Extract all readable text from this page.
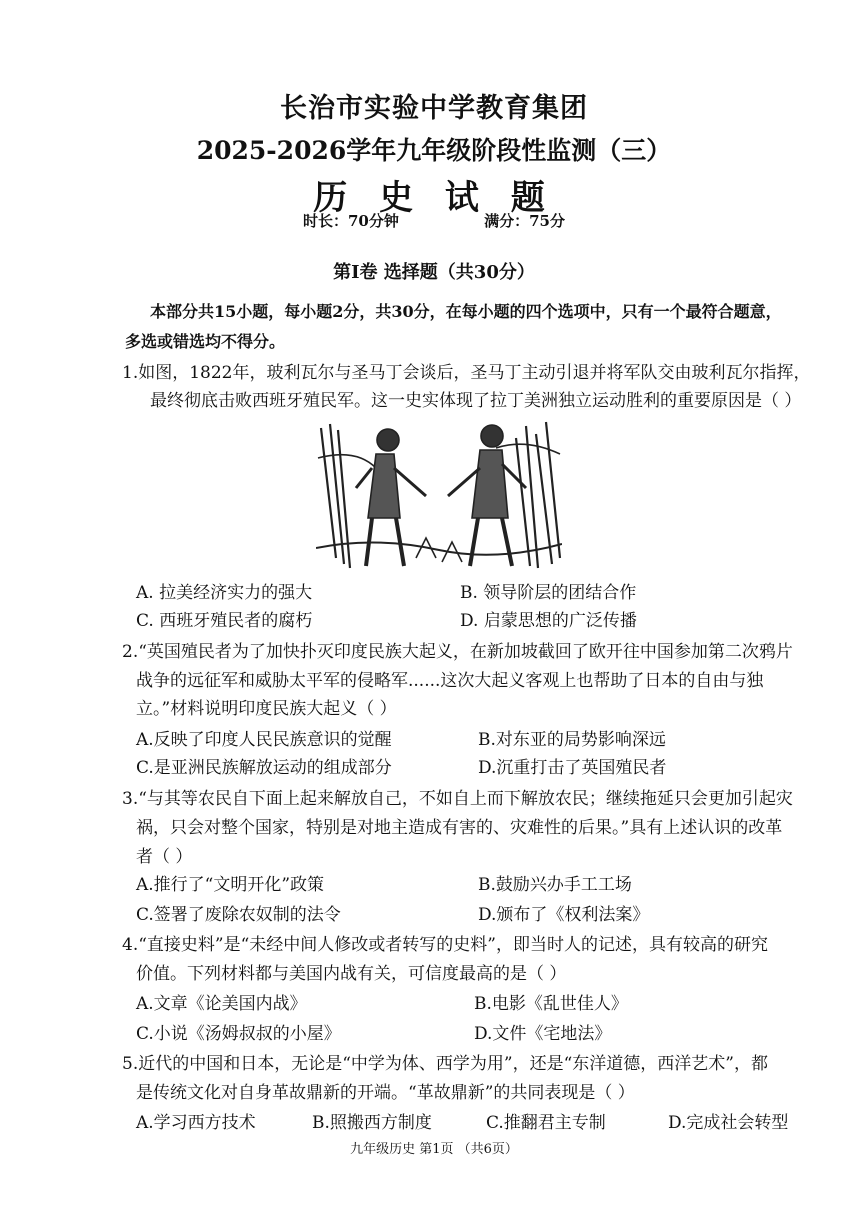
长治市实验中学教育集团
2025-2026学年九年级阶段性监测（三）
历 史 试 题
时长：70分钟	满分：75分
第Ⅰ卷 选择题（共30分）
本部分共15小题，每小题2分，共30分，在每小题的四个选项中，只有一个最符合题意，
多选或错选均不得分。
1.如图，1822年，玻利瓦尔与圣马丁会谈后，圣马丁主动引退并将军队交由玻利瓦尔指挥，
最终彻底击败西班牙殖民军。这一史实体现了拉丁美洲独立运动胜利的重要原因是（ ）
A. 拉美经济实力的强大	B. 领导阶层的团结合作
C. 西班牙殖民者的腐朽	D. 启蒙思想的广泛传播
2.“英国殖民者为了加快扑灭印度民族大起义，在新加坡截回了欧开往中国参加第二次鸦片
战争的远征军和威胁太平军的侵略军......这次大起义客观上也帮助了日本的自由与独
立。”材料说明印度民族大起义（ ）
A.反映了印度人民民族意识的觉醒	B.对东亚的局势影响深远
C.是亚洲民族解放运动的组成部分	D.沉重打击了英国殖民者
3.“与其等农民自下面上起来解放自己，不如自上而下解放农民；继续拖延只会更加引起灾
祸，只会对整个国家，特别是对地主造成有害的、灾难性的后果。”具有上述认识的改革
者（ ）
A.推行了“文明开化”政策	B.鼓励兴办手工工场
C.签署了废除农奴制的法令	D.颁布了《权利法案》
4.“直接史料”是“未经中间人修改或者转写的史料”，即当时人的记述，具有较高的研究
价值。下列材料都与美国内战有关，可信度最高的是（ ）
A.文章《论美国内战》	B.电影《乱世佳人》
C.小说《汤姆叔叔的小屋》	D.文件《宅地法》
5.近代的中国和日本，无论是“中学为体、西学为用”，还是“东洋道德，西洋艺术”，都
是传统文化对自身革故鼎新的开端。“革故鼎新”的共同表现是（ ）
A.学习西方技术	B.照搬西方制度	C.推翻君主专制	D.完成社会转型
九年级历史 第1页 （共6页）
